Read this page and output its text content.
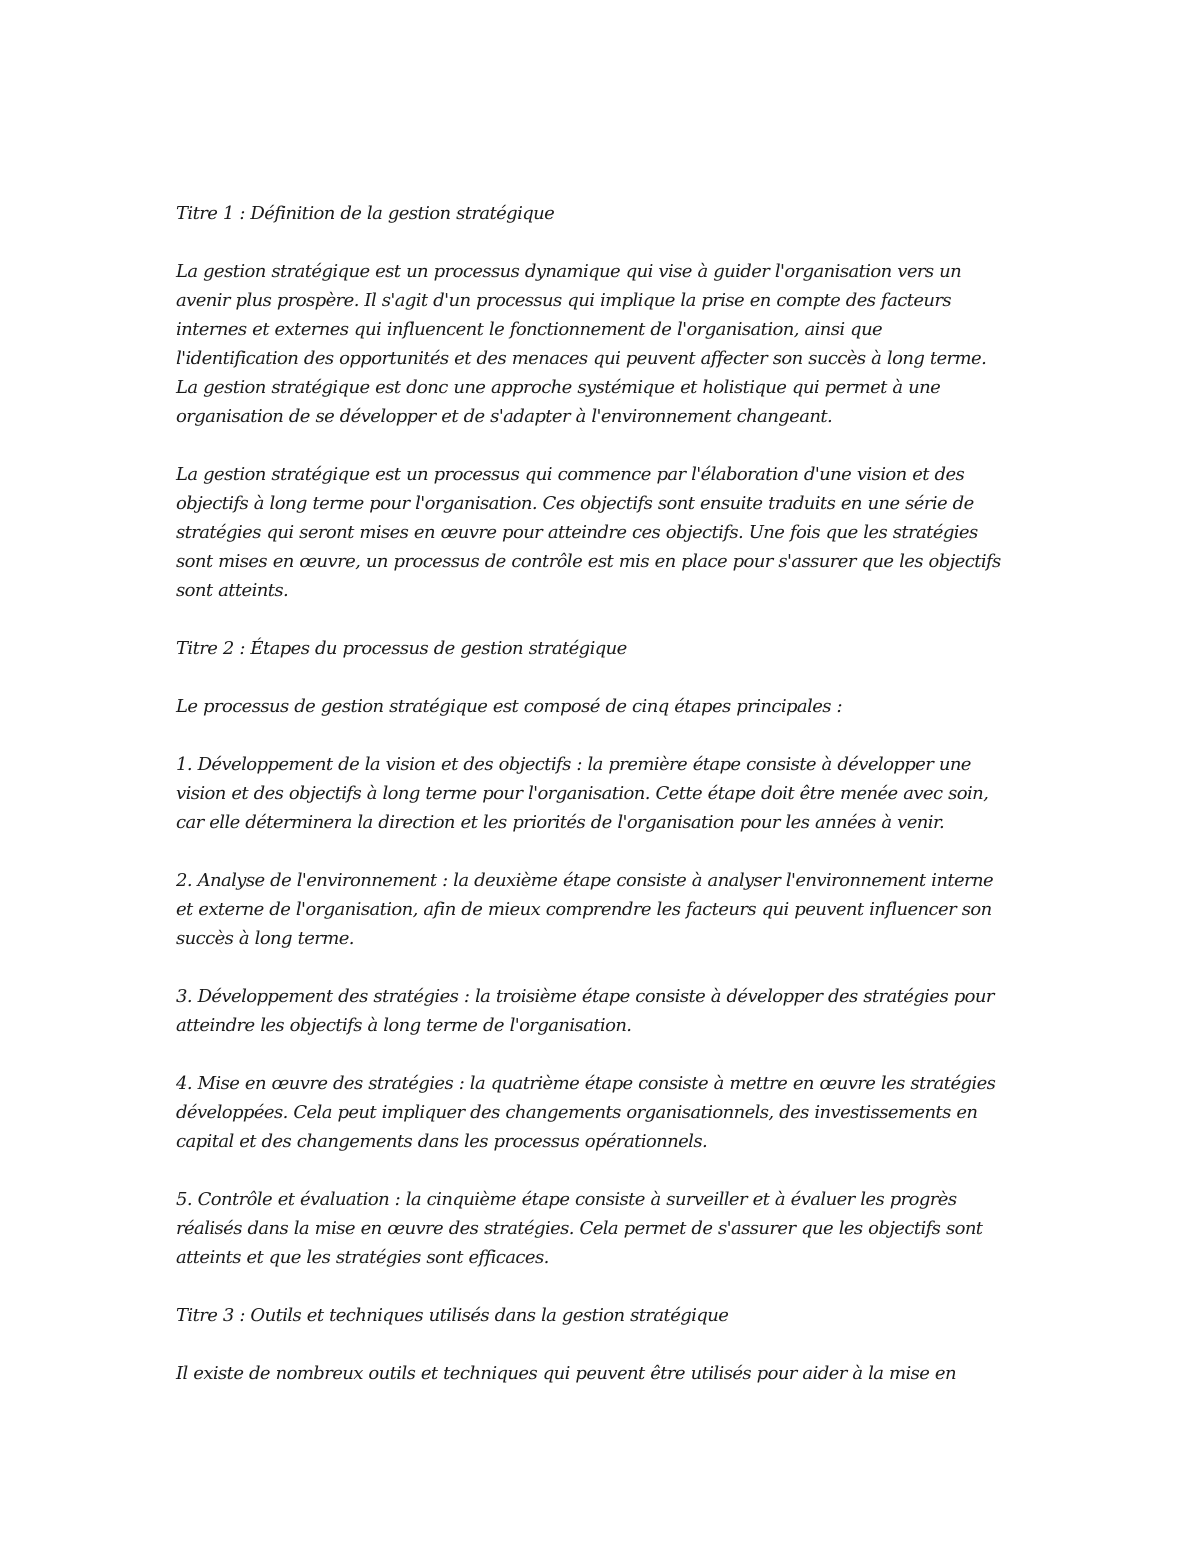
Titre 1 : Définition de la gestion stratégique
La gestion stratégique est un processus dynamique qui vise à guider l'organisation vers un
avenir plus prospère. Il s'agit d'un processus qui implique la prise en compte des facteurs
internes et externes qui influencent le fonctionnement de l'organisation, ainsi que
l'identification des opportunités et des menaces qui peuvent affecter son succès à long terme.
La gestion stratégique est donc une approche systémique et holistique qui permet à une
organisation de se développer et de s'adapter à l'environnement changeant.
La gestion stratégique est un processus qui commence par l'élaboration d'une vision et des
objectifs à long terme pour l'organisation. Ces objectifs sont ensuite traduits en une série de
stratégies qui seront mises en œuvre pour atteindre ces objectifs. Une fois que les stratégies
sont mises en œuvre, un processus de contrôle est mis en place pour s'assurer que les objectifs
sont atteints.
Titre 2 : Étapes du processus de gestion stratégique
Le processus de gestion stratégique est composé de cinq étapes principales :
1. Développement de la vision et des objectifs : la première étape consiste à développer une
vision et des objectifs à long terme pour l'organisation. Cette étape doit être menée avec soin,
car elle déterminera la direction et les priorités de l'organisation pour les années à venir.
2. Analyse de l'environnement : la deuxième étape consiste à analyser l'environnement interne
et externe de l'organisation, afin de mieux comprendre les facteurs qui peuvent influencer son
succès à long terme.
3. Développement des stratégies : la troisième étape consiste à développer des stratégies pour
atteindre les objectifs à long terme de l'organisation.
4. Mise en œuvre des stratégies : la quatrième étape consiste à mettre en œuvre les stratégies
développées. Cela peut impliquer des changements organisationnels, des investissements en
capital et des changements dans les processus opérationnels.
5. Contrôle et évaluation : la cinquième étape consiste à surveiller et à évaluer les progrès
réalisés dans la mise en œuvre des stratégies. Cela permet de s'assurer que les objectifs sont
atteints et que les stratégies sont efficaces.
Titre 3 : Outils et techniques utilisés dans la gestion stratégique
Il existe de nombreux outils et techniques qui peuvent être utilisés pour aider à la mise en
